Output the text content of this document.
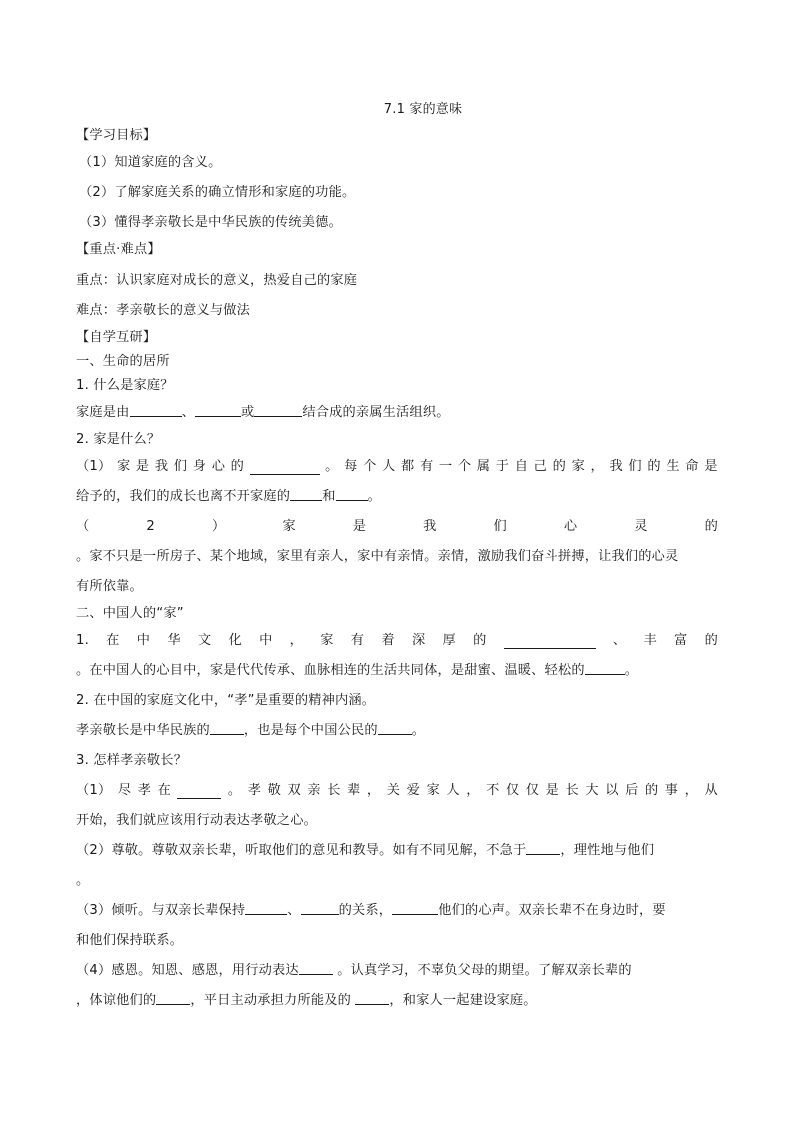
7.1 家的意味
【学习目标】
（1）知道家庭的含义。
（2）了解家庭关系的确立情形和家庭的功能。
（3）懂得孝亲敬长是中华民族的传统美德。
【重点·难点】
重点：认识家庭对成长的意义，热爱自己的家庭
难点：孝亲敬长的意义与做法
【自学互研】
一、生命的居所
1. 什么是家庭？
家庭是由	、	或	结合成的亲属生活组织。
2. 家是什么？
（1） 家 是 我 们 身 心 的	。 每 个 人 都 有 一 个 属 于 自 己 的 家 ， 我 们 的 生 命 是
给予的，我们的成长也离不开家庭的 和 。
（	2	）	家	是	我	们	心	灵	的
。家不只是一所房子、某个地域，家里有亲人，家中有亲情。亲情，激励我们奋斗拼搏，让我们的心灵
有所依靠。
二、中国人的“家”
1. 在 中 华 文 化 中 ， 家 有 着 深 厚 的	、 丰 富 的
。在中国人的心目中，家是代代传承、血脉相连的生活共同体，是甜蜜、温暖、轻松的	。
2. 在中国的家庭文化中，“孝”是重要的精神内涵。
孝亲敬长是中华民族的	，也是每个中国公民的	。
3. 怎样孝亲敬长？
（1） 尽 孝 在	。 孝 敬 双 亲 长 辈 ， 关 爱 家 人 ， 不 仅 仅 是 长 大 以 后 的 事 ， 从
开始，我们就应该用行动表达孝敬之心。
（2）尊敬。尊敬双亲长辈，听取他们的意见和教导。如有不同见解，不急于	，理性地与他们
。
（3）倾听。与双亲长辈保持	、	的关系，	他们的心声。双亲长辈不在身边时，要
和他们保持联系。
（4）感恩。知恩、感恩，用行动表达	。认真学习，不辜负父母的期望。了解双亲长辈的
，体谅他们的	，平日主动承担力所能及的	，和家人一起建设家庭。
